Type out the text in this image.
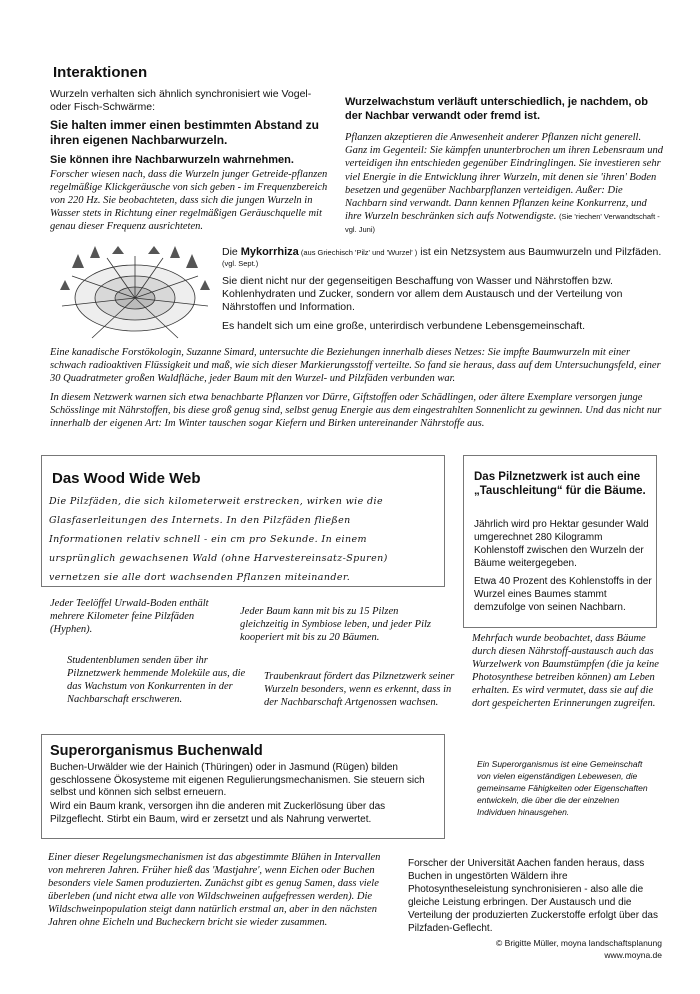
Interaktionen

Wurzeln verhalten sich ähnlich synchronisiert wie Vogel- oder Fisch-Schwärme:

Sie halten immer einen bestimmten Abstand zu ihren eigenen Nachbarwurzeln.

Sie können ihre Nachbarwurzeln wahrnehmen.

Forscher wiesen nach, dass die Wurzeln junger Getreide-pflanzen regelmäßige Klickgeräusche von sich geben - im Frequenzbereich von 220 Hz. Sie beobachteten, dass sich die jungen Wurzeln in Wasser stets in Richtung einer regelmäßigen Geräuschquelle mit genau dieser Frequenz ausrichteten.

Wurzelwachstum verläuft unterschiedlich, je nachdem, ob der Nachbar verwandt oder fremd ist.

Pflanzen akzeptieren die Anwesenheit anderer Pflanzen nicht generell. Ganz im Gegenteil: Sie kämpfen ununterbrochen um ihren Lebensraum und verteidigen ihn entschieden gegenüber Eindringlingen. Sie investieren sehr viel Energie in die Entwicklung ihrer Wurzeln, mit denen sie 'ihren' Boden besetzen und gegenüber Nachbarpflanzen verteidigen. Außer: Die Nachbarn sind verwandt. Dann kennen Pflanzen keine Konkurrenz, und ihre Wurzeln beschränken sich aufs Notwendigste. (Sie 'riechen' Verwandtschaft - vgl. Juni)

Die Mykorrhiza (aus Griechisch 'Pilz' und 'Wurzel' ) ist ein Netzsystem aus Baumwurzeln und Pilzfäden.

(vgl. Sept.)

Sie dient nicht nur der gegenseitigen Beschaffung von Wasser und Nährstoffen bzw. Kohlenhydraten und Zucker, sondern vor allem dem Austausch und der Verteilung von Nährstoffen und Information.

Es handelt sich um eine große, unterirdisch verbundene Lebensgemeinschaft.

Eine kanadische Forstökologin, Suzanne Simard, untersuchte die Beziehungen innerhalb dieses Netzes: Sie impfte Baumwurzeln mit einer schwach radioaktiven Flüssigkeit und maß, wie sich dieser Markierungsstoff verteilte. So fand sie heraus, dass auf dem Untersuchungsfeld, einer 30 Quadratmeter großen Waldfläche, jeder Baum mit den Wurzel- und Pilzfäden verbunden war.

In diesem Netzwerk warnen sich etwa benachbarte Pflanzen vor Dürre, Giftstoffen oder Schädlingen, oder ältere Exemplare versorgen junge Schösslinge mit Nährstoffen, bis diese groß genug sind, selbst genug Energie aus dem eingestrahlten Sonnenlicht zu gewinnen. Und das nicht nur innerhalb der eigenen Art: Im Winter tauschen sogar Kiefern und Birken untereinander Nährstoffe aus.

Das Wood Wide Web

Die Pilzfäden, die sich kilometerweit erstrecken, wirken wie die

Glasfaserleitungen des Internets. In den Pilzfäden fließen

Informationen relativ schnell - ein cm pro Sekunde. In einem

ursprünglich gewachsenen Wald (ohne Harvestereinsatz-Spuren)

vernetzen sie alle dort wachsenden Pflanzen miteinander.

Das Pilznetzwerk ist auch eine „Tauschleitung“ für die Bäume.

Jährlich wird pro Hektar gesunder Wald umgerechnet 280 Kilogramm Kohlenstoff zwischen den Wurzeln der Bäume weitergegeben.

Etwa 40 Prozent des Kohlenstoffs in der Wurzel eines Baumes stammt demzufolge von seinen Nachbarn.

Jeder Teelöffel Urwald-Boden enthält mehrere Kilometer feine Pilzfäden (Hyphen).

Jeder Baum kann mit bis zu 15 Pilzen gleichzeitig in Symbiose leben, und jeder Pilz kooperiert mit bis zu 20 Bäumen.

Studentenblumen senden über ihr Pilznetzwerk hemmende Moleküle aus, die das Wachstum von Konkurrenten in der Nachbarschaft erschweren.

Traubenkraut fördert das Pilznetzwerk seiner Wurzeln besonders, wenn es erkennt, dass in der Nachbarschaft Artgenossen wachsen.

Mehrfach wurde beobachtet, dass Bäume durch diesen Nährstoff-austausch auch das Wurzelwerk von Baumstümpfen (die ja keine Photosynthese betreiben können) am Leben erhalten. Es wird vermutet, dass sie auf die dort gespeicherten Erinnerungen zugreifen.

Superorganismus Buchenwald

Buchen-Urwälder wie der Hainich (Thüringen) oder in Jasmund (Rügen) bilden geschlossene Ökosysteme mit eigenen Regulierungsmechanismen. Sie steuern sich selbst und können sich selbst erneuern.

Wird ein Baum krank, versorgen ihn die anderen mit Zuckerlösung über das Pilzgeflecht. Stirbt ein Baum, wird er zersetzt und als Nahrung verwertet.

Ein Superorganismus ist eine Gemeinschaft von vielen eigenständigen Lebewesen, die gemeinsame Fähigkeiten oder Eigenschaften entwickeln, die über die der einzelnen Individuen hinausgehen.

Einer dieser Regelungsmechanismen ist das abgestimmte Blühen in Intervallen von mehreren Jahren. Früher hieß das 'Mastjahre', wenn Eichen oder Buchen besonders viele Samen produzierten. Zunächst gibt es genug Samen, dass viele überleben (und nicht etwa alle von Wildschweinen aufgefressen werden). Die Wildschweinpopulation steigt dann natürlich erstmal an, aber in den nächsten Jahren ohne Eicheln und Bucheckern bricht sie wieder zusammen.

Forscher der Universität Aachen fanden heraus, dass Buchen in ungestörten Wäldern ihre Photosyntheseleistung synchronisieren - also alle die gleiche Leistung erbringen. Der Austausch und die Verteilung der produzierten Zuckerstoffe erfolgt über das Pilzfaden-Geflecht.

© Brigitte Müller, moyna landschaftsplanung

www.moyna.de
